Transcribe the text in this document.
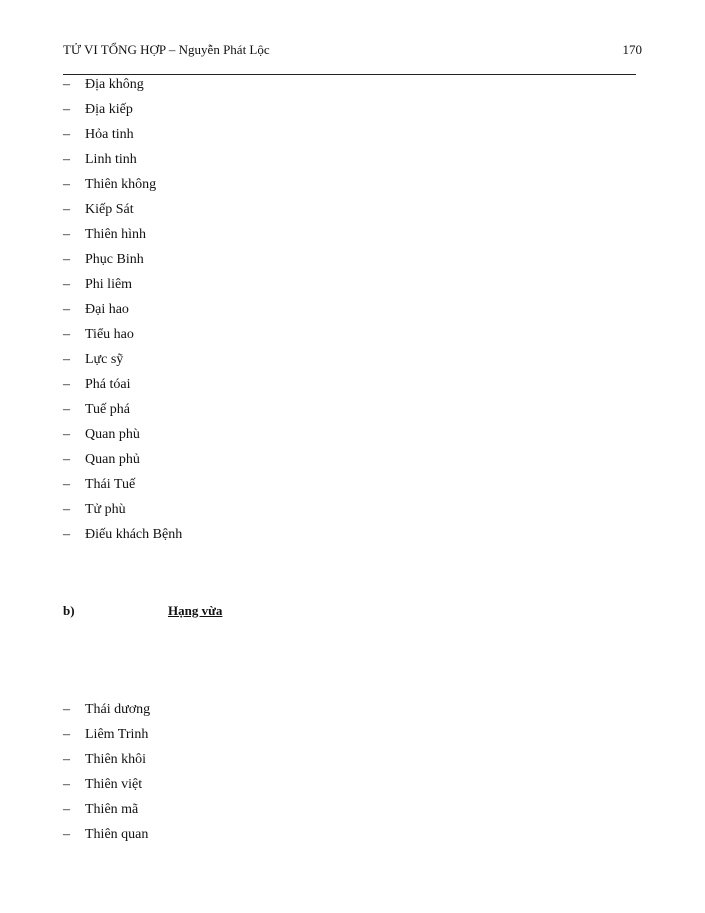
TỬ VI TỔNG HỢP – Nguyễn Phát Lộc	170
– Địa không
– Địa kiếp
– Hỏa tinh
– Linh tinh
– Thiên không
– Kiếp Sát
– Thiên hình
– Phục Binh
– Phi liêm
– Đại hao
– Tiểu hao
– Lực sỹ
– Phá tóai
– Tuế phá
– Quan phù
– Quan phủ
– Thái Tuế
– Tử phù
– Điếu khách Bệnh
b)	Hạng vừa
– Thái dương
– Liêm Trinh
– Thiên khôi
– Thiên việt
– Thiên mã
– Thiên quan
